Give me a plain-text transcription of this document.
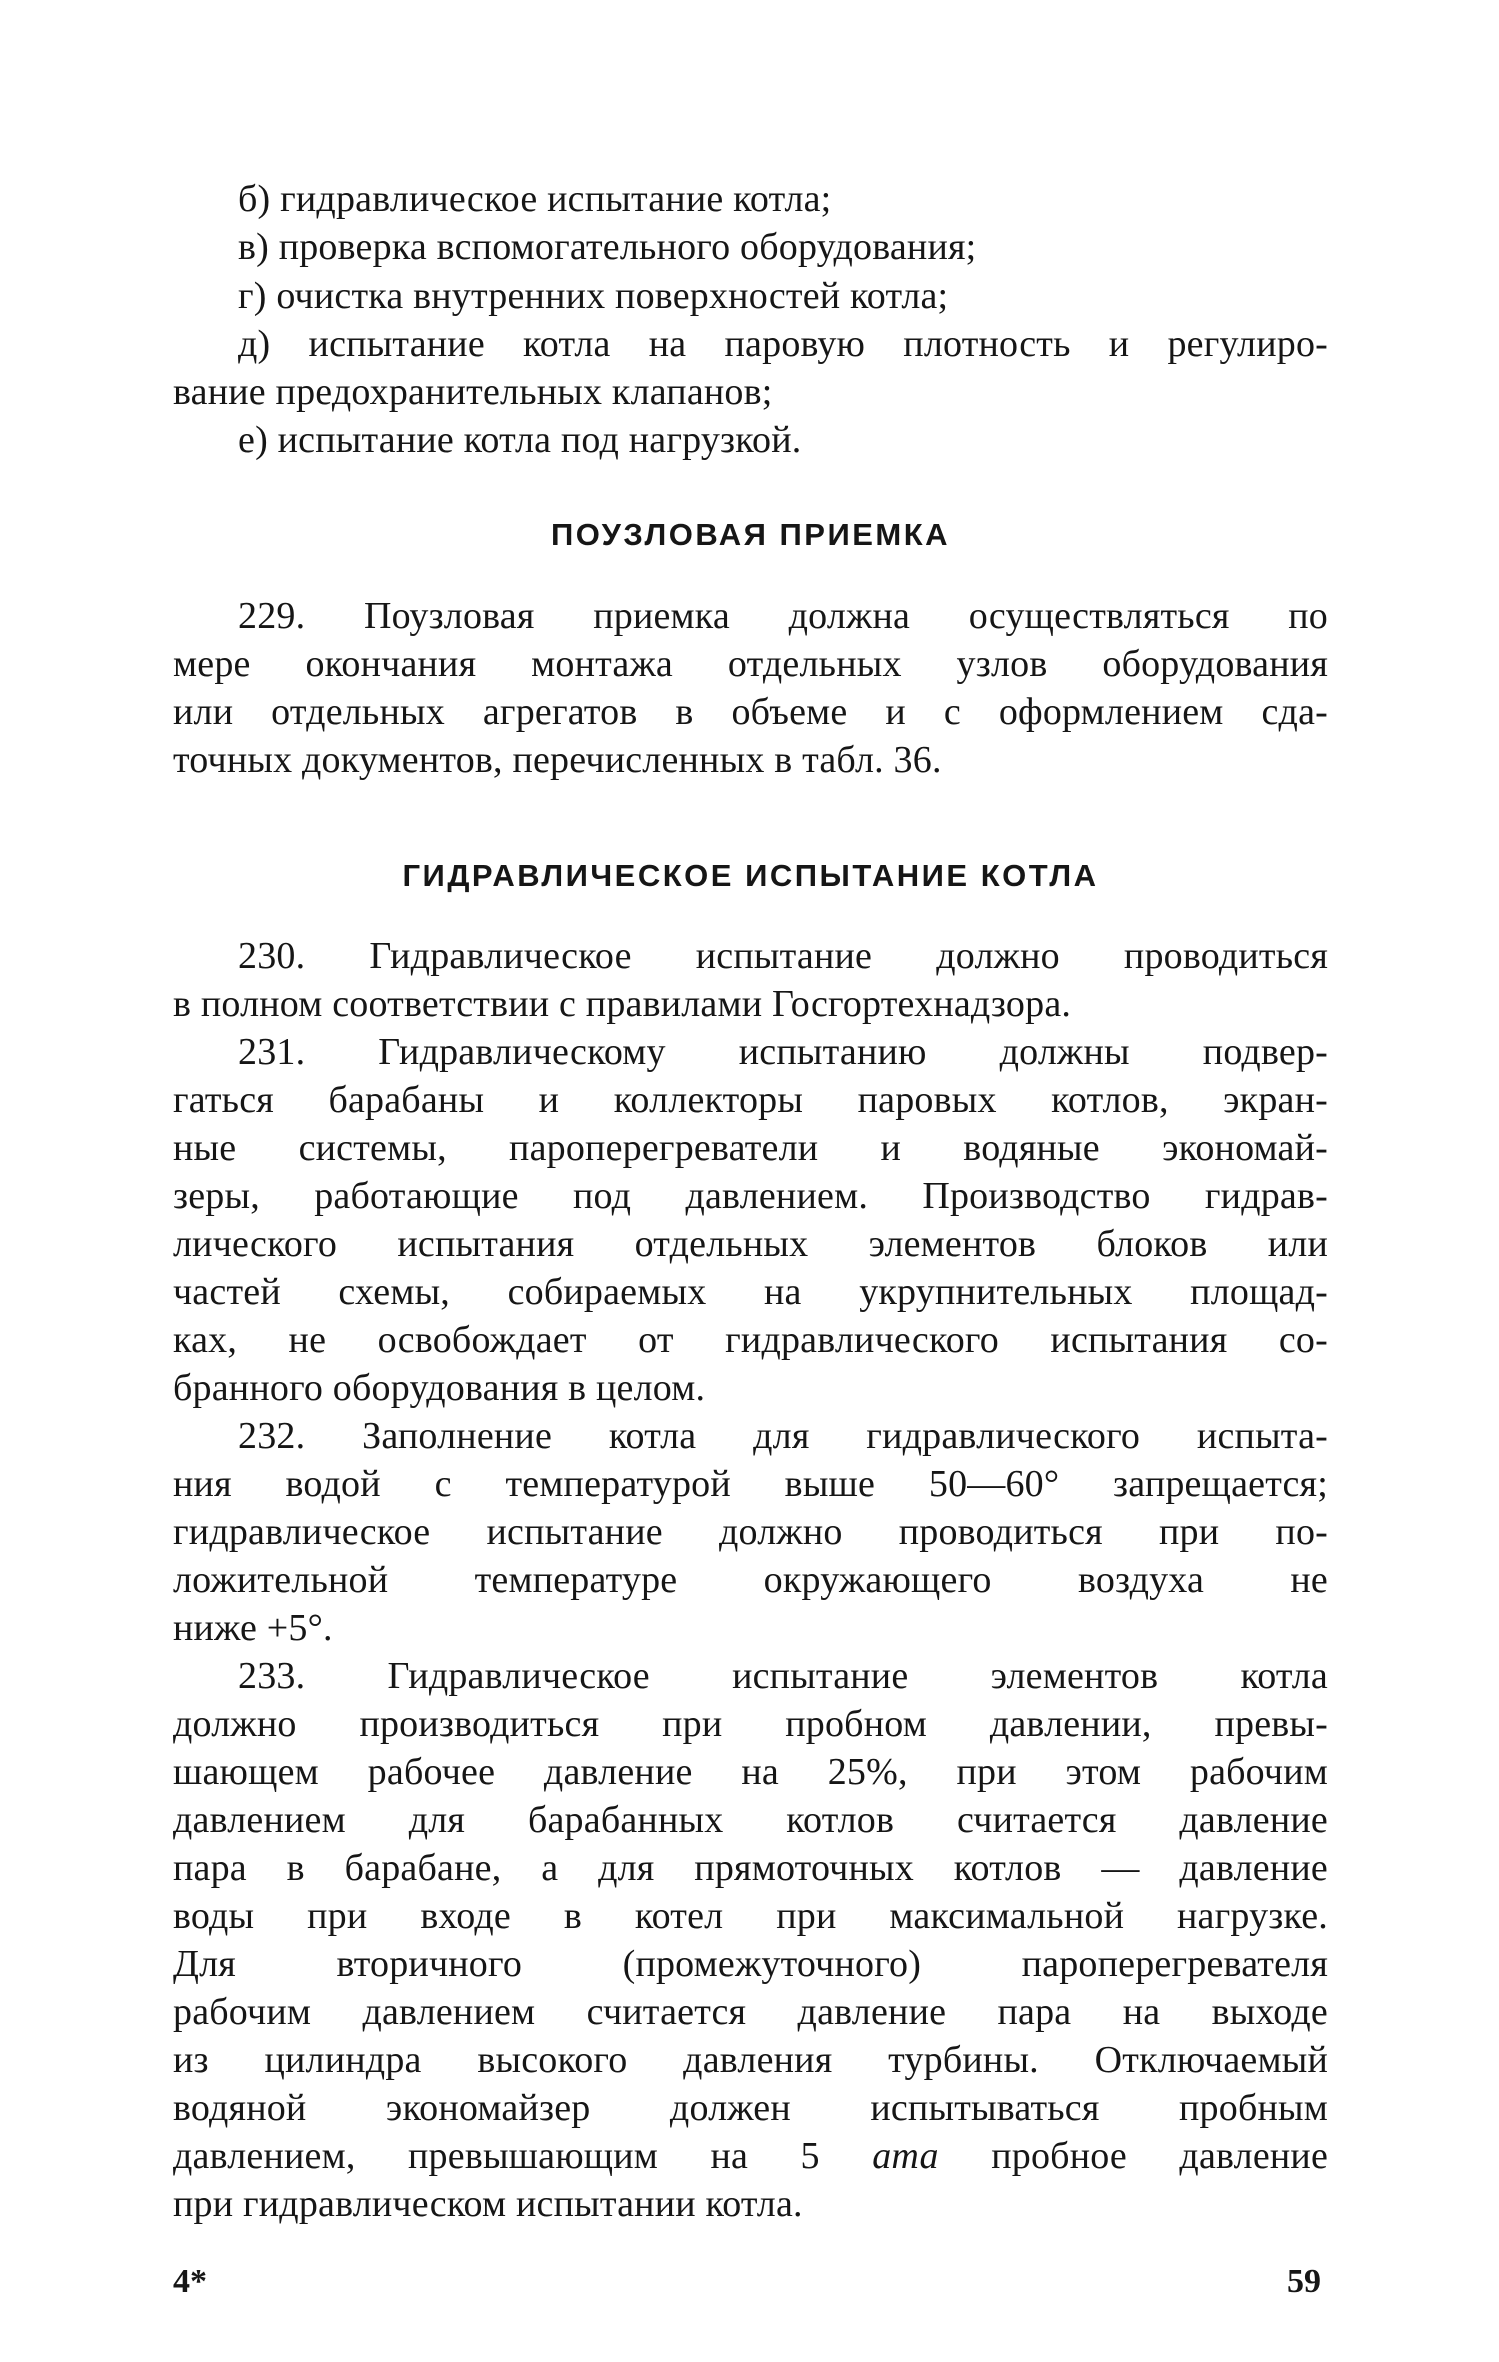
б) гидравлическое испытание котла;
в) проверка вспомогательного оборудования;
г) очистка внутренних поверхностей котла;
д) испытание котла на паровую плотность и регулиро-
вание предохранительных клапанов;
е) испытание котла под нагрузкой.
ПОУЗЛОВАЯ ПРИЕМКА
229. Поузловая приемка должна осуществляться по
мере окончания монтажа отдельных узлов оборудования
или отдельных агрегатов в объеме и с оформлением сда-
точных документов, перечисленных в табл. 36.
ГИДРАВЛИЧЕСКОЕ ИСПЫТАНИЕ КОТЛА
230. Гидравлическое испытание должно проводиться
в полном соответствии с правилами Госгортехнадзора.
231. Гидравлическому испытанию должны подвер-
гаться барабаны и коллекторы паровых котлов, экран-
ные системы, пароперегреватели и водяные экономай-
зеры, работающие под давлением. Производство гидрав-
лического испытания отдельных элементов блоков или
частей схемы, собираемых на укрупнительных площад-
ках, не освобождает от гидравлического испытания со-
бранного оборудования в целом.
232. Заполнение котла для гидравлического испыта-
ния водой с температурой выше 50—60° запрещается;
гидравлическое испытание должно проводиться при по-
ложительной температуре окружающего воздуха не
ниже +5°.
233. Гидравлическое испытание элементов котла
должно производиться при пробном давлении, превы-
шающем рабочее давление на 25%, при этом рабочим
давлением для барабанных котлов считается давление
пара в барабане, а для прямоточных котлов — давление
воды при входе в котел при максимальной нагрузке.
Для вторичного (промежуточного) пароперегревателя
рабочим давлением считается давление пара на выходе
из цилиндра высокого давления турбины. Отключаемый
водяной экономайзер должен испытываться пробным
давлением, превышающим на 5 ата пробное давление
при гидравлическом испытании котла.
4*	59
